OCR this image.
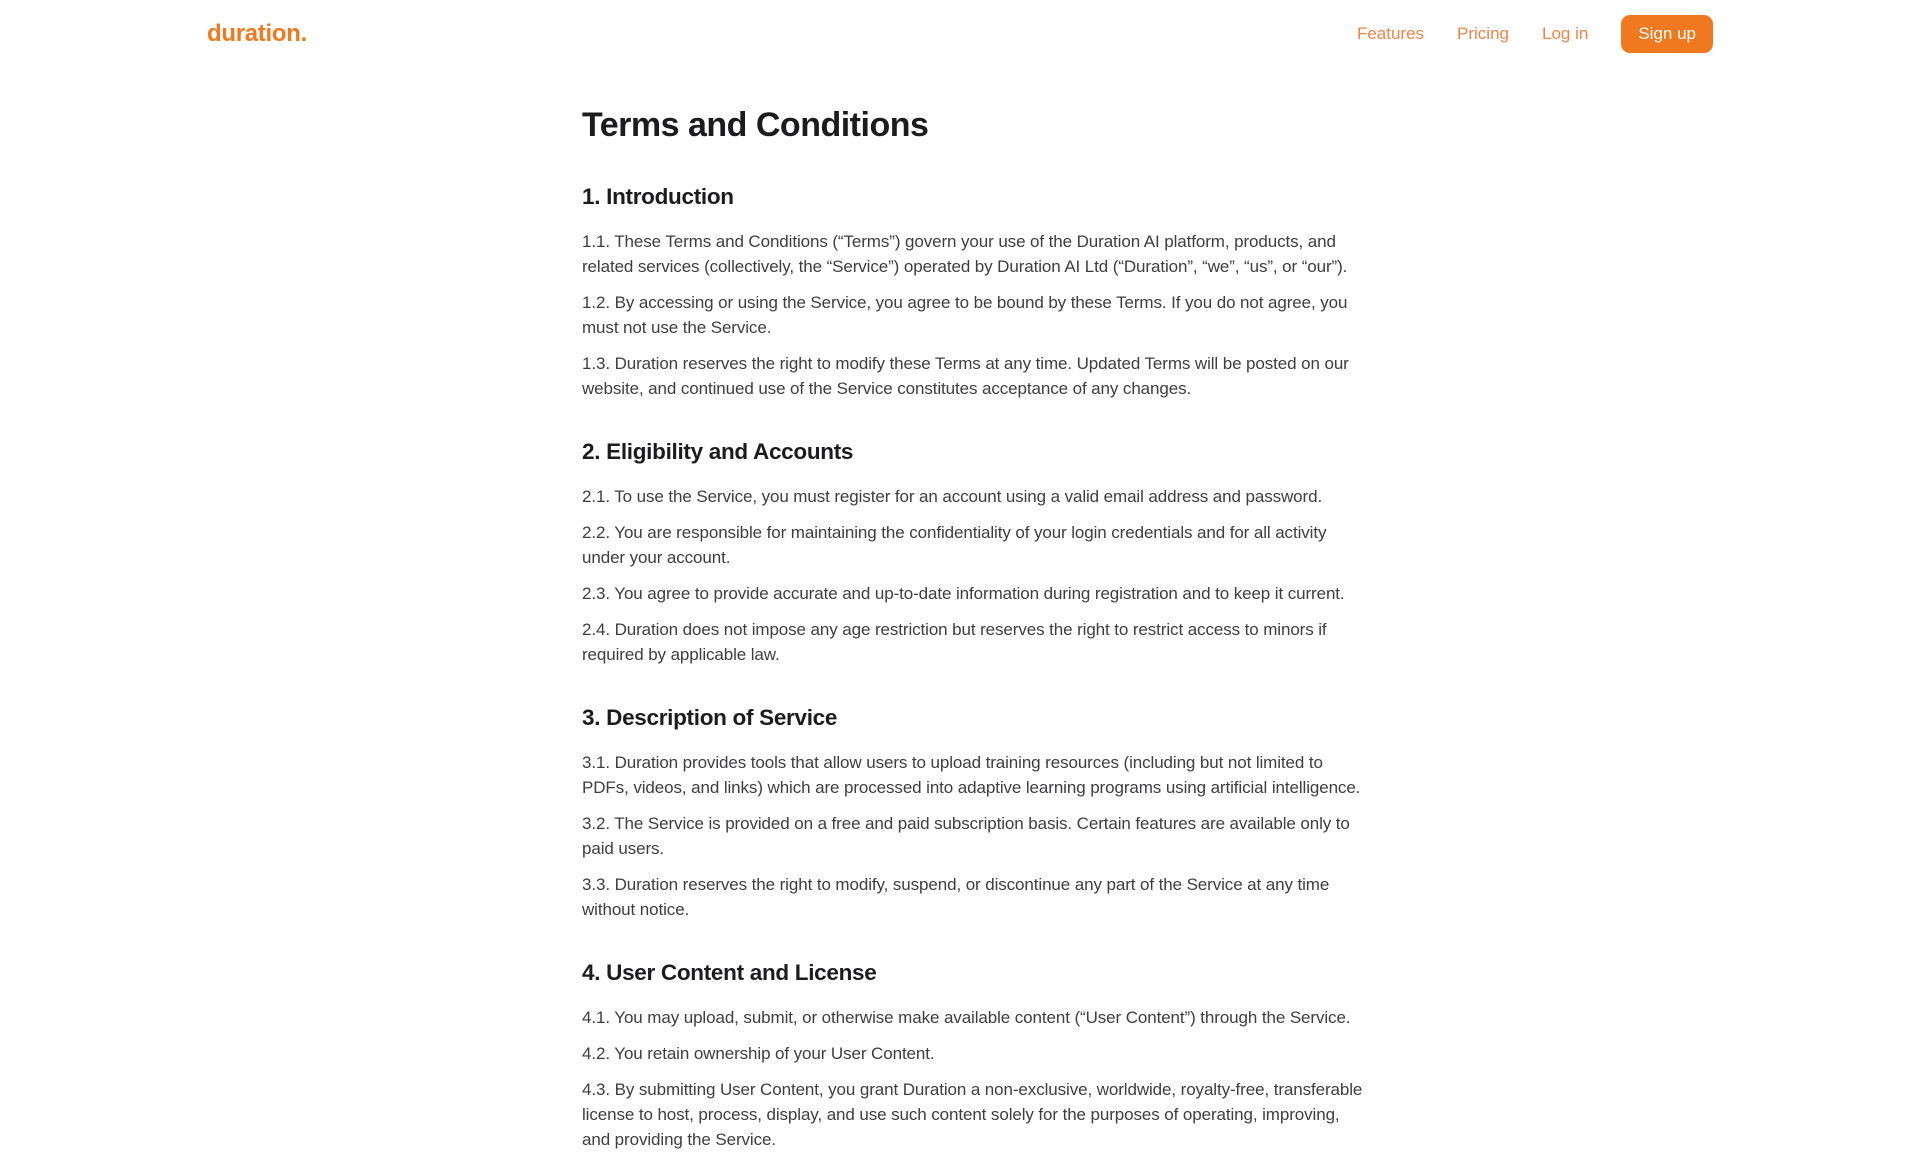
duration.	Features Pricing Log in	Sign up
Terms and Conditions
1. Introduction

1.1. These Terms and Conditions (“Terms”) govern your use of the Duration AI platform, products, and related services (collectively, the “Service”) operated by Duration AI Ltd (“Duration”, “we”, “us”, or “our”).

1.2. By accessing or using the Service, you agree to be bound by these Terms. If you do not agree, you must not use the Service.

1.3. Duration reserves the right to modify these Terms at any time. Updated Terms will be posted on our website, and continued use of the Service constitutes acceptance of any changes.

2. Eligibility and Accounts

2.1. To use the Service, you must register for an account using a valid email address and password.

2.2. You are responsible for maintaining the confidentiality of your login credentials and for all activity under your account.

2.3. You agree to provide accurate and up-to-date information during registration and to keep it current.

2.4. Duration does not impose any age restriction but reserves the right to restrict access to minors if required by applicable law.

3. Description of Service

3.1. Duration provides tools that allow users to upload training resources (including but not limited to PDFs, videos, and links) which are processed into adaptive learning programs using artificial intelligence.

3.2. The Service is provided on a free and paid subscription basis. Certain features are available only to paid users.

3.3. Duration reserves the right to modify, suspend, or discontinue any part of the Service at any time without notice.

4. User Content and License

4.1. You may upload, submit, or otherwise make available content (“User Content”) through the Service.

4.2. You retain ownership of your User Content.

4.3. By submitting User Content, you grant Duration a non-exclusive, worldwide, royalty-free, transferable license to host, process, display, and use such content solely for the purposes of operating, improving, and providing the Service.
